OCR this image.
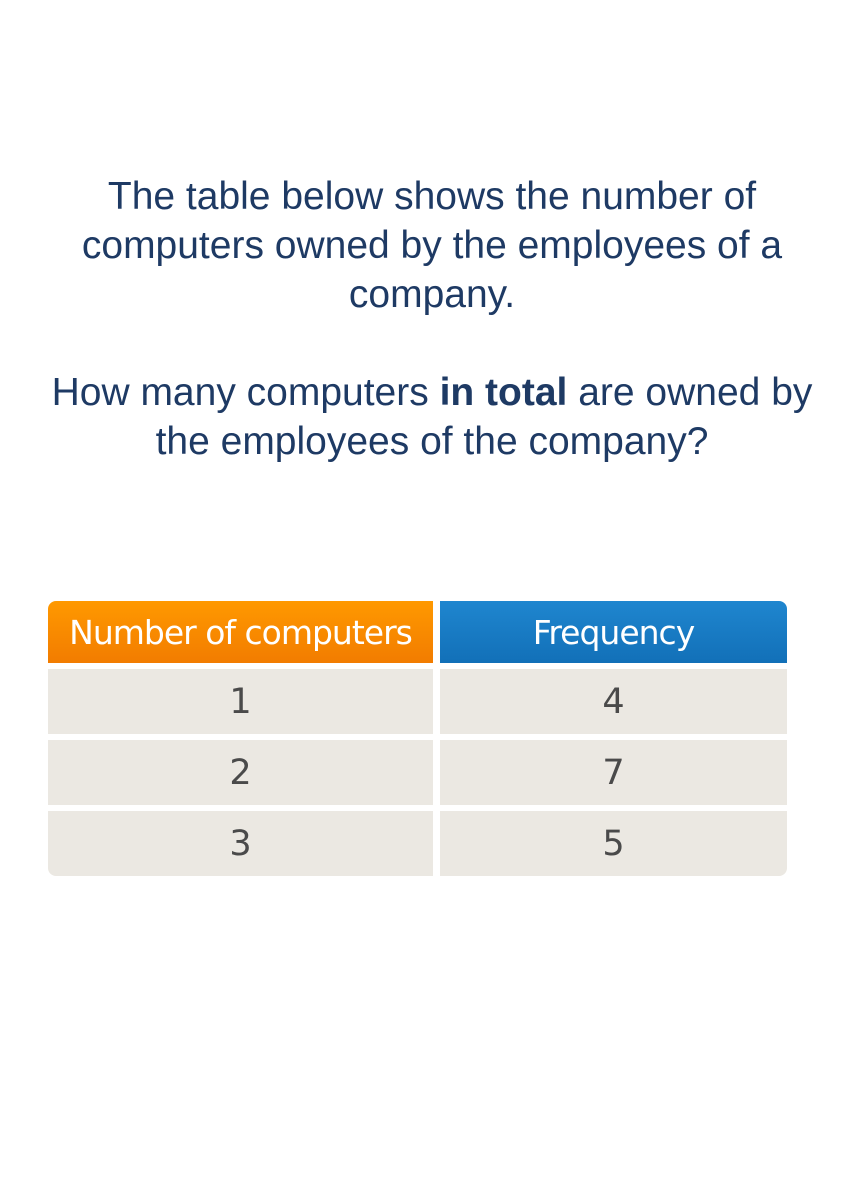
The table below shows the number of

computers owned by the employees of a

company.

How many computers in total are owned by

the employees of the company?

Number of computers	Frequency
1	4
2	7
3	5
